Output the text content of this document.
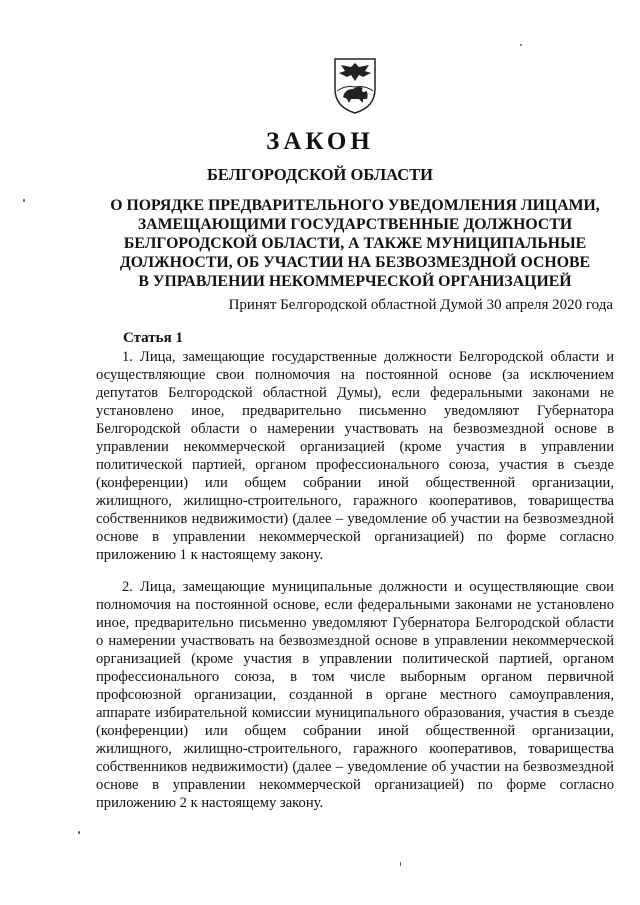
ЗАКОН
БЕЛГОРОДСКОЙ ОБЛАСТИ
О ПОРЯДКЕ ПРЕДВАРИТЕЛЬНОГО УВЕДОМЛЕНИЯ ЛИЦАМИ,
ЗАМЕЩАЮЩИМИ ГОСУДАРСТВЕННЫЕ ДОЛЖНОСТИ
БЕЛГОРОДСКОЙ ОБЛАСТИ, А ТАКЖЕ МУНИЦИПАЛЬНЫЕ
ДОЛЖНОСТИ, ОБ УЧАСТИИ НА БЕЗВОЗМЕЗДНОЙ ОСНОВЕ
В УПРАВЛЕНИИ НЕКОММЕРЧЕСКОЙ ОРГАНИЗАЦИЕЙ
Принят Белгородской областной Думой 30 апреля 2020 года
Статья 1
1. Лица, замещающие государственные должности Белгородской области и осуществляющие свои полномочия на постоянной основе (за исключением депутатов Белгородской областной Думы), если федеральными законами не установлено иное, предварительно письменно уведомляют Губернатора Белгородской области о намерении участвовать на безвозмездной основе в управлении некоммерческой организацией (кроме участия в управлении политической партией, органом профессионального союза, участия в съезде (конференции) или общем собрании иной общественной организации, жилищного, жилищно-строительного, гаражного кооперативов, товарищества собственников недвижимости) (далее – уведомление об участии на безвозмездной основе в управлении некоммерческой организацией) по форме согласно приложению 1 к настоящему закону.
2. Лица, замещающие муниципальные должности и осуществляющие свои полномочия на постоянной основе, если федеральными законами не установлено иное, предварительно письменно уведомляют Губернатора Белгородской области о намерении участвовать на безвозмездной основе в управлении некоммерческой организацией (кроме участия в управлении политической партией, органом профессионального союза, в том числе выборным органом первичной профсоюзной организации, созданной в органе местного самоуправления, аппарате избирательной комиссии муниципального образования, участия в съезде (конференции) или общем собрании иной общественной организации, жилищного, жилищно-строительного, гаражного кооперативов, товарищества собственников недвижимости) (далее – уведомление об участии на безвозмездной основе в управлении некоммерческой организацией) по форме согласно приложению 2 к настоящему закону.
